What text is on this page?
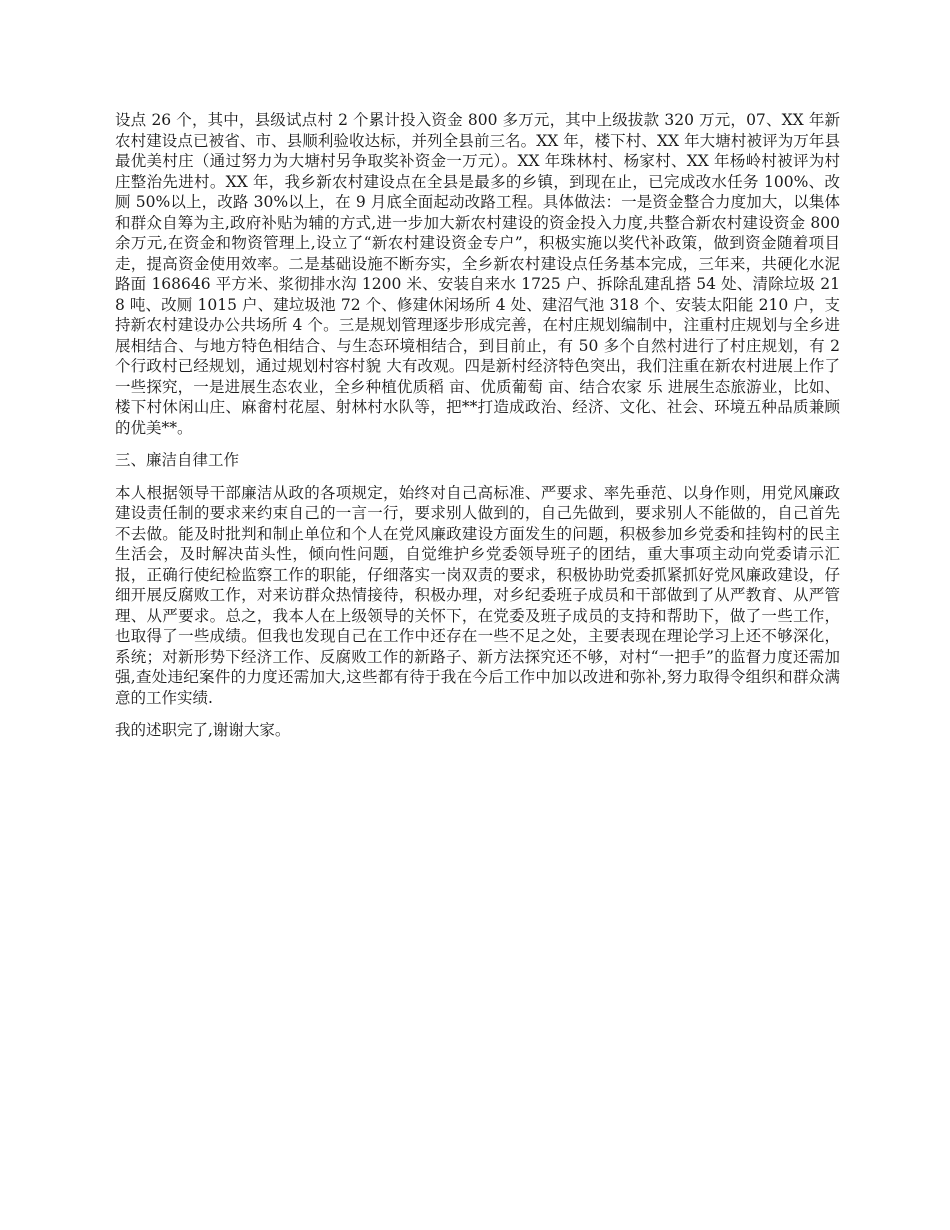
设点 26 个，其中，县级试点村 2 个累计投入资金 800 多万元，其中上级拔款 320 万元，07、XX 年新农村建设点已被省、市、县顺利验收达标，并列全县前三名。XX 年，楼下村、XX 年大塘村被评为万年县最优美村庄（通过努力为大塘村另争取奖补资金一万元）。XX 年珠林村、杨家村、XX 年杨岭村被评为村庄整治先进村。XX 年，我乡新农村建设点在全县是最多的乡镇，到现在止，已完成改水任务 100%、改厕 50%以上，改路 30%以上，在 9 月底全面起动改路工程。具体做法：一是资金整合力度加大，以集体和群众自筹为主,政府补贴为辅的方式,进一步加大新农村建设的资金投入力度,共整合新农村建设资金 800 余万元,在资金和物资管理上,设立了“新农村建设资金专户”，积极实施以奖代补政策，做到资金随着项目走，提高资金使用效率。二是基础设施不断夯实，全乡新农村建设点任务基本完成，三年来，共硬化水泥路面 168646 平方米、浆彻排水沟 1200 米、安装自来水 1725 户、拆除乱建乱搭 54 处、清除垃圾 218 吨、改厕 1015 户、建垃圾池 72 个、修建休闲场所 4 处、建沼气池 318 个、安装太阳能 210 户，支持新农村建设办公共场所 4 个。三是规划管理逐步形成完善，在村庄规划编制中，注重村庄规划与全乡进展相结合、与地方特色相结合、与生态环境相结合，到目前止，有 50 多个自然村进行了村庄规划，有 2 个行政村已经规划，通过规划村容村貌 大有改观。四是新村经济特色突出，我们注重在新农村进展上作了一些探究，一是进展生态农业，全乡种植优质稻 亩、优质葡萄 亩、结合农家 乐 进展生态旅游业，比如、楼下村休闲山庄、麻畲村花屋、射林村水队等，把**打造成政治、经济、文化、社会、环境五种品质兼顾的优美**。

三、廉洁自律工作

本人根据领导干部廉洁从政的各项规定，始终对自己高标准、严要求、率先垂范、以身作则，用党风廉政建设责任制的要求来约束自己的一言一行，要求别人做到的，自己先做到，要求别人不能做的，自己首先不去做。能及时批判和制止单位和个人在党风廉政建设方面发生的问题，积极参加乡党委和挂钩村的民主生活会，及时解决苗头性，倾向性问题，自觉维护乡党委领导班子的团结，重大事项主动向党委请示汇报，正确行使纪检监察工作的职能，仔细落实一岗双责的要求，积极协助党委抓紧抓好党风廉政建设，仔细开展反腐败工作，对来访群众热情接待，积极办理，对乡纪委班子成员和干部做到了从严教育、从严管理、从严要求。总之，我本人在上级领导的关怀下，在党委及班子成员的支持和帮助下，做了一些工作，也取得了一些成绩。但我也发现自己在工作中还存在一些不足之处，主要表现在理论学习上还不够深化，系统；对新形势下经济工作、反腐败工作的新路子、新方法探究还不够，对村“一把手”的监督力度还需加强,查处违纪案件的力度还需加大,这些都有待于我在今后工作中加以改进和弥补,努力取得令组织和群众满意的工作实绩.

我的述职完了,谢谢大家。
